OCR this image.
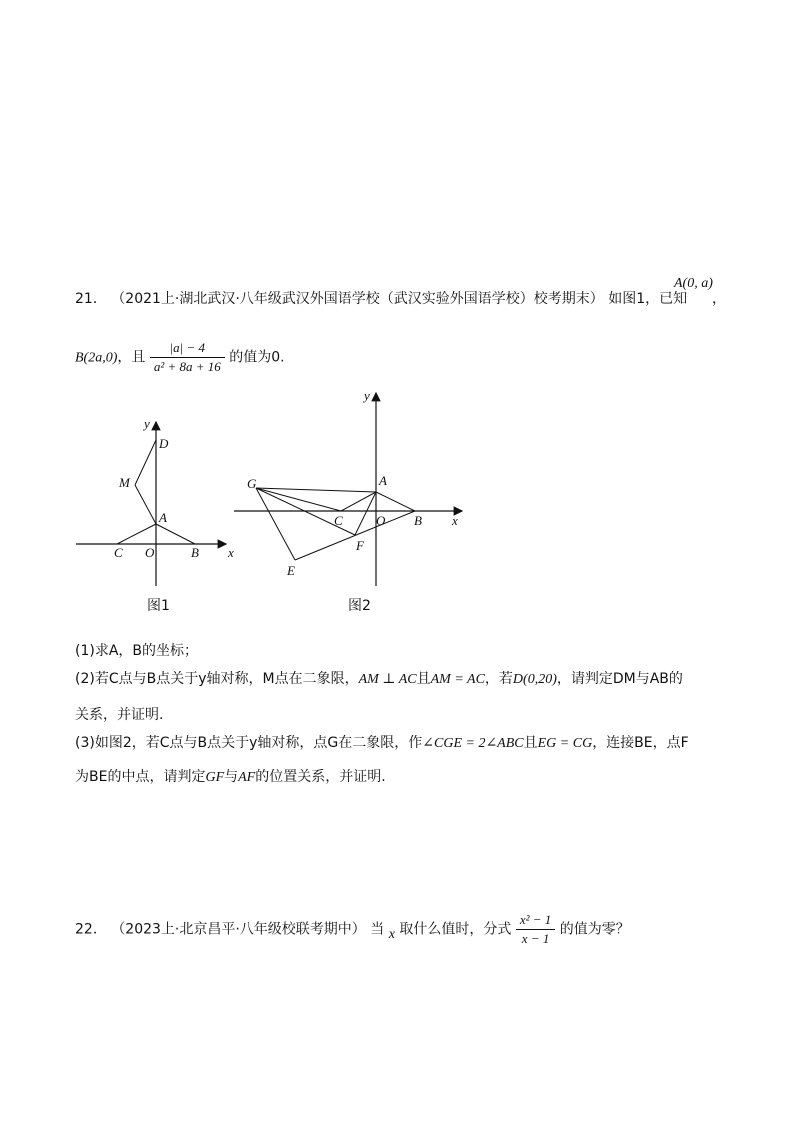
21． （2021上·湖北武汉·八年级武汉外国语学校（武汉实验外国语学校）校考期末） 如图1，已知
A(0, a)
，
B(2a,0)，且 $\frac{|a| - 4}{\text{a² + 8a + 16}}$ 的值为0.
y
D
M
A
C O	B x
图1
y
G	A
C	O B x
F
E
图2
(1)求A，B的坐标；
(2)若C点与B点关于y轴对称，M点在二象限，AM ⊥ AC且AM = AC，若D(0,20)，请判定DM与AB的
关系，并证明.
(3)如图2，若C点与B点关于y轴对称，点G在二象限，作∠CGE = 2∠ABC且EG = CG，连接BE，点F
为BE的中点，请判定GF与AF的位置关系，并证明.
22． （2023上·北京昌平·八年级校联考期中） 当 x 取什么值时，分式 $\frac{\text{x² − 1}}{x - 1}$ 的值为零？
